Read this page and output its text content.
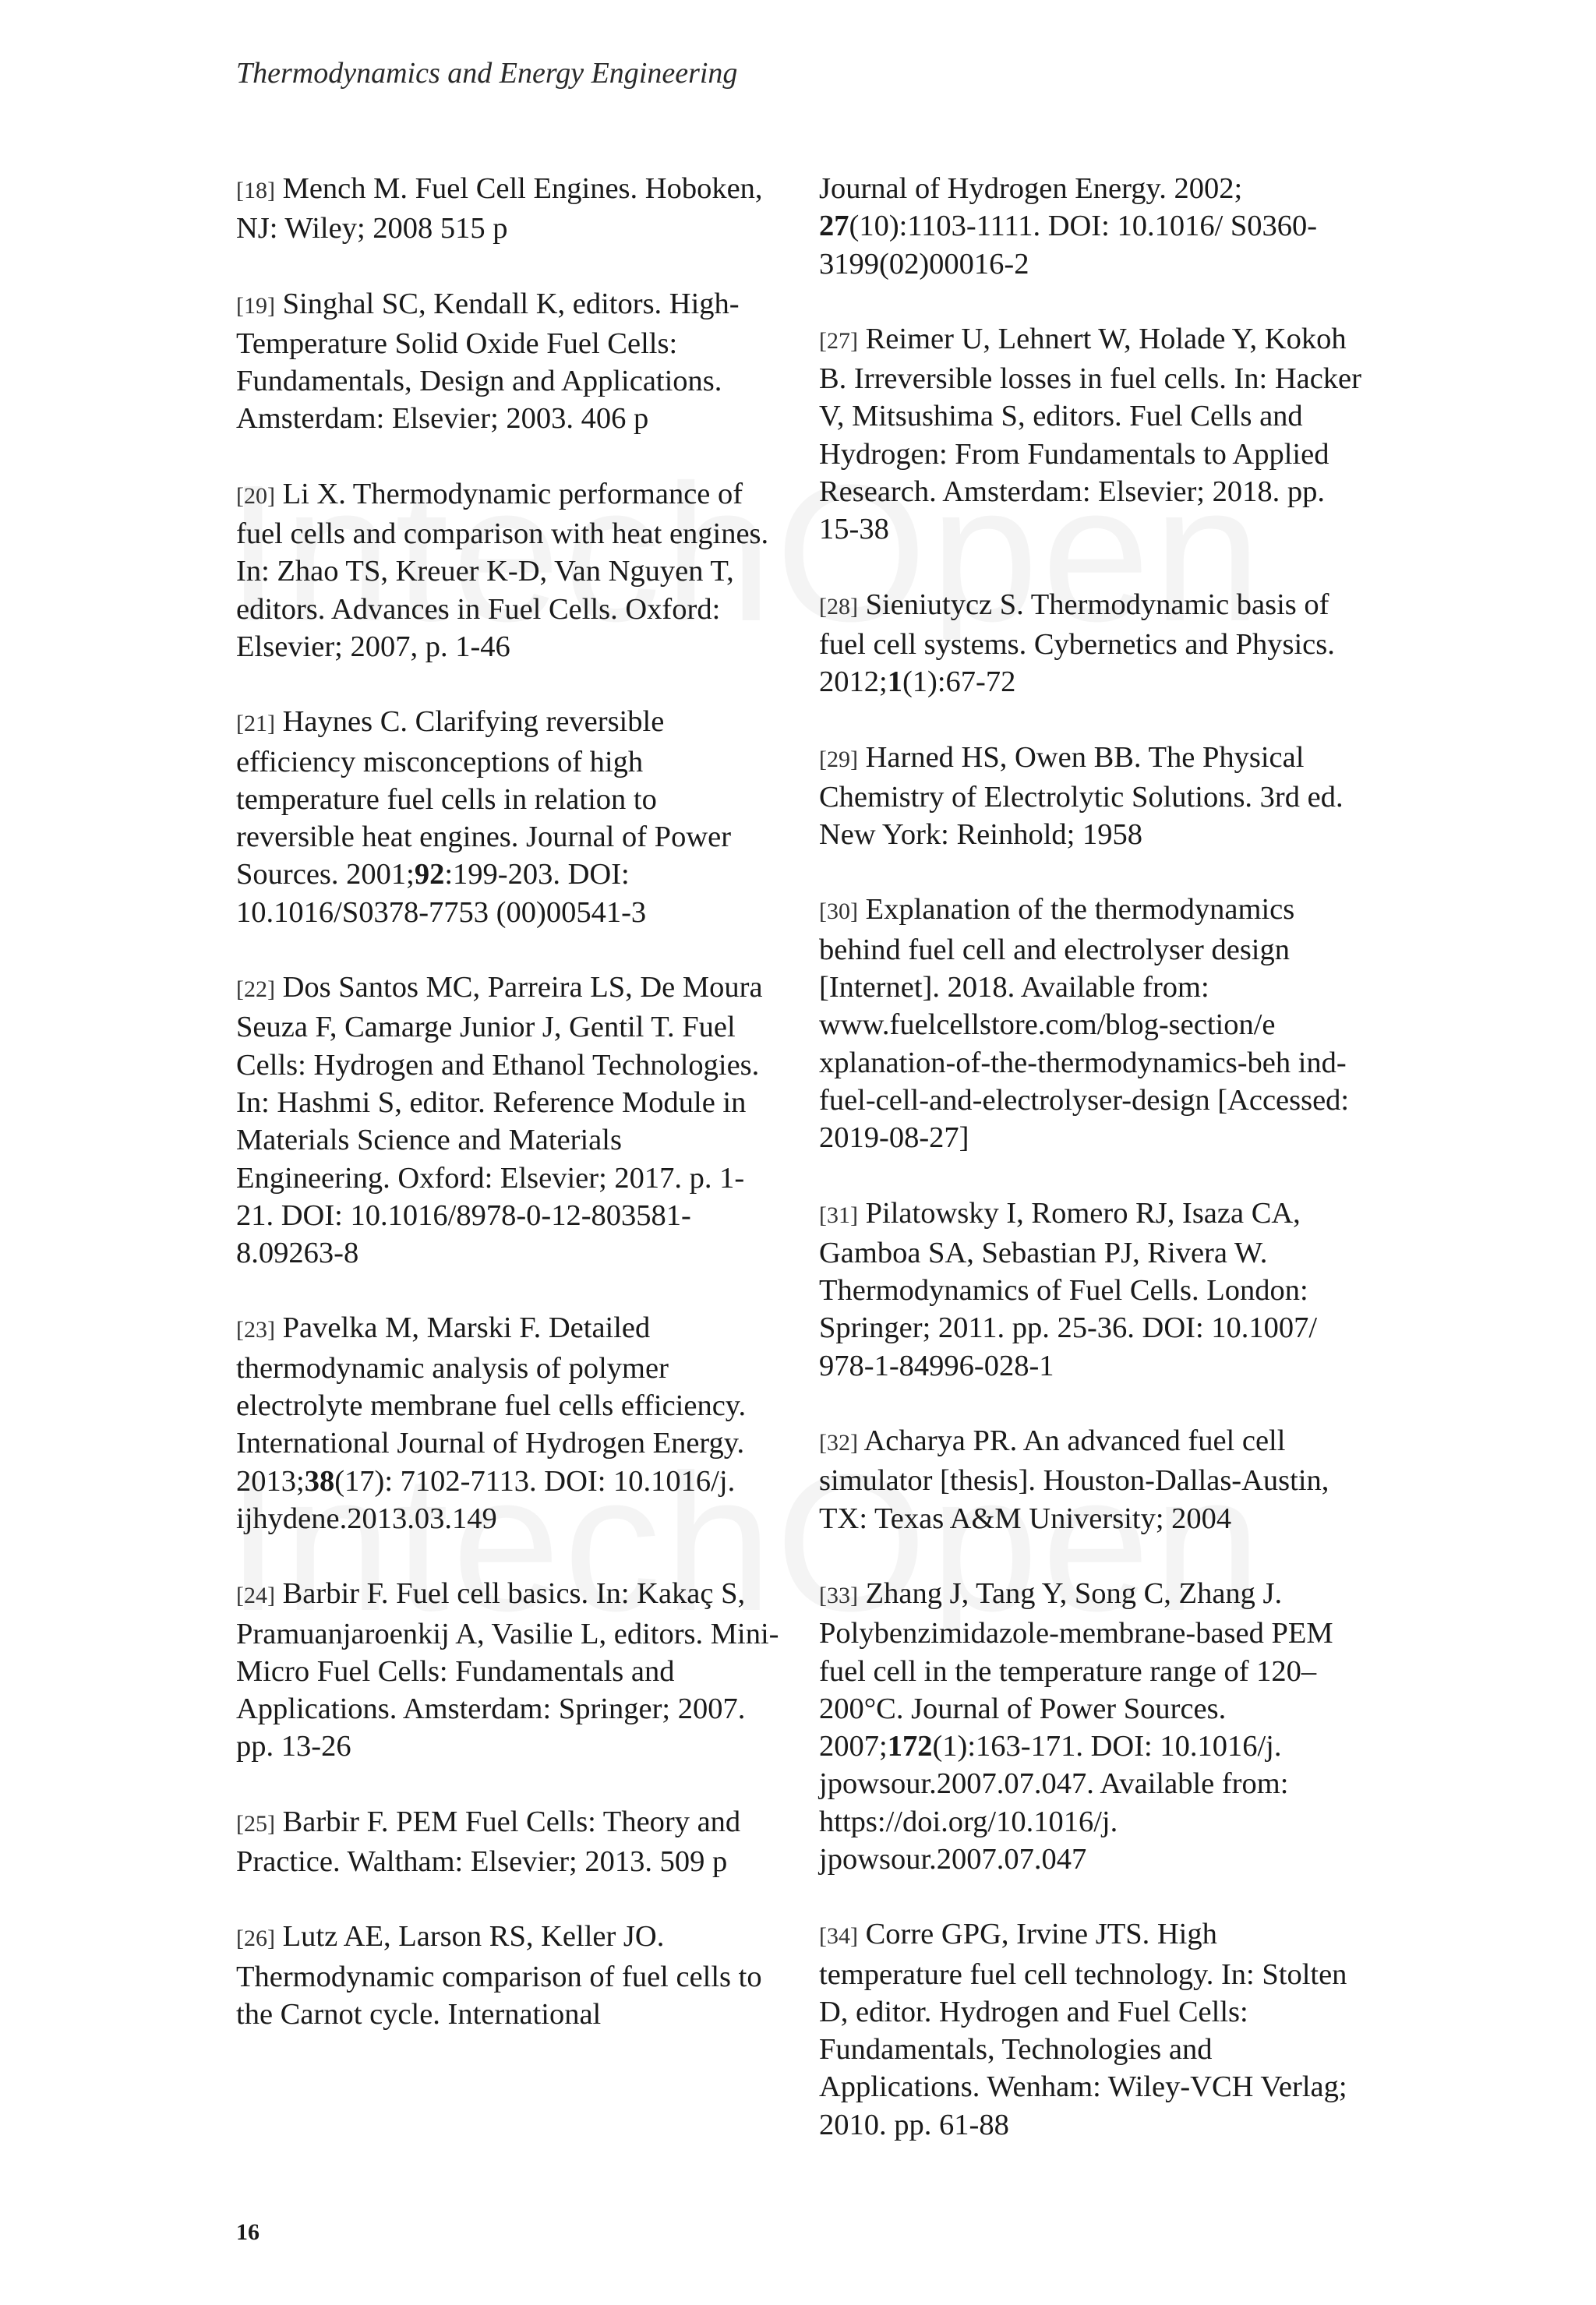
Thermodynamics and Energy Engineering

[18] Mench M. Fuel Cell Engines. Hoboken, NJ: Wiley; 2008 515 p

[19] Singhal SC, Kendall K, editors. High-Temperature Solid Oxide Fuel Cells: Fundamentals, Design and Applications. Amsterdam: Elsevier; 2003. 406 p

[20] Li X. Thermodynamic performance of fuel cells and comparison with heat engines. In: Zhao TS, Kreuer K-D, Van Nguyen T, editors. Advances in Fuel Cells. Oxford: Elsevier; 2007, p. 1-46

[21] Haynes C. Clarifying reversible efficiency misconceptions of high temperature fuel cells in relation to reversible heat engines. Journal of Power Sources. 2001;92:199-203. DOI: 10.1016/S0378-7753 (00)00541-3

[22] Dos Santos MC, Parreira LS, De Moura Seuza F, Camarge Junior J, Gentil T. Fuel Cells: Hydrogen and Ethanol Technologies. In: Hashmi S, editor. Reference Module in Materials Science and Materials Engineering. Oxford: Elsevier; 2017. p. 1-21. DOI: 10.1016/8978-0-12-803581-8.09263-8

[23] Pavelka M, Marski F. Detailed thermodynamic analysis of polymer electrolyte membrane fuel cells efficiency. International Journal of Hydrogen Energy. 2013;38(17): 7102-7113. DOI: 10.1016/j. ijhydene.2013.03.149

[24] Barbir F. Fuel cell basics. In: Kakaç S, Pramuanjaroenkij A, Vasilie L, editors. Mini-Micro Fuel Cells: Fundamentals and Applications. Amsterdam: Springer; 2007. pp. 13-26

[25] Barbir F. PEM Fuel Cells: Theory and Practice. Waltham: Elsevier; 2013. 509 p

[26] Lutz AE, Larson RS, Keller JO. Thermodynamic comparison of fuel cells to the Carnot cycle. International

Journal of Hydrogen Energy. 2002; 27(10):1103-1111. DOI: 10.1016/ S0360-3199(02)00016-2

[27] Reimer U, Lehnert W, Holade Y, Kokoh B. Irreversible losses in fuel cells. In: Hacker V, Mitsushima S, editors. Fuel Cells and Hydrogen: From Fundamentals to Applied Research. Amsterdam: Elsevier; 2018. pp. 15-38

[28] Sieniutycz S. Thermodynamic basis of fuel cell systems. Cybernetics and Physics. 2012;1(1):67-72

[29] Harned HS, Owen BB. The Physical Chemistry of Electrolytic Solutions. 3rd ed. New York: Reinhold; 1958

[30] Explanation of the thermodynamics behind fuel cell and electrolyser design [Internet]. 2018. Available from: www.fuelcellstore.com/blog-section/e xplanation-of-the-thermodynamics-beh ind-fuel-cell-and-electrolyser-design [Accessed: 2019-08-27]

[31] Pilatowsky I, Romero RJ, Isaza CA, Gamboa SA, Sebastian PJ, Rivera W. Thermodynamics of Fuel Cells. London: Springer; 2011. pp. 25-36. DOI: 10.1007/ 978-1-84996-028-1

[32] Acharya PR. An advanced fuel cell simulator [thesis]. Houston-Dallas-Austin, TX: Texas A&M University; 2004

[33] Zhang J, Tang Y, Song C, Zhang J. Polybenzimidazole-membrane-based PEM fuel cell in the temperature range of 120–200°C. Journal of Power Sources. 2007;172(1):163-171. DOI: 10.1016/j. jpowsour.2007.07.047. Available from: https://doi.org/10.1016/j. jpowsour.2007.07.047

[34] Corre GPG, Irvine JTS. High temperature fuel cell technology. In: Stolten D, editor. Hydrogen and Fuel Cells: Fundamentals, Technologies and Applications. Wenham: Wiley-VCH Verlag; 2010. pp. 61-88

16
